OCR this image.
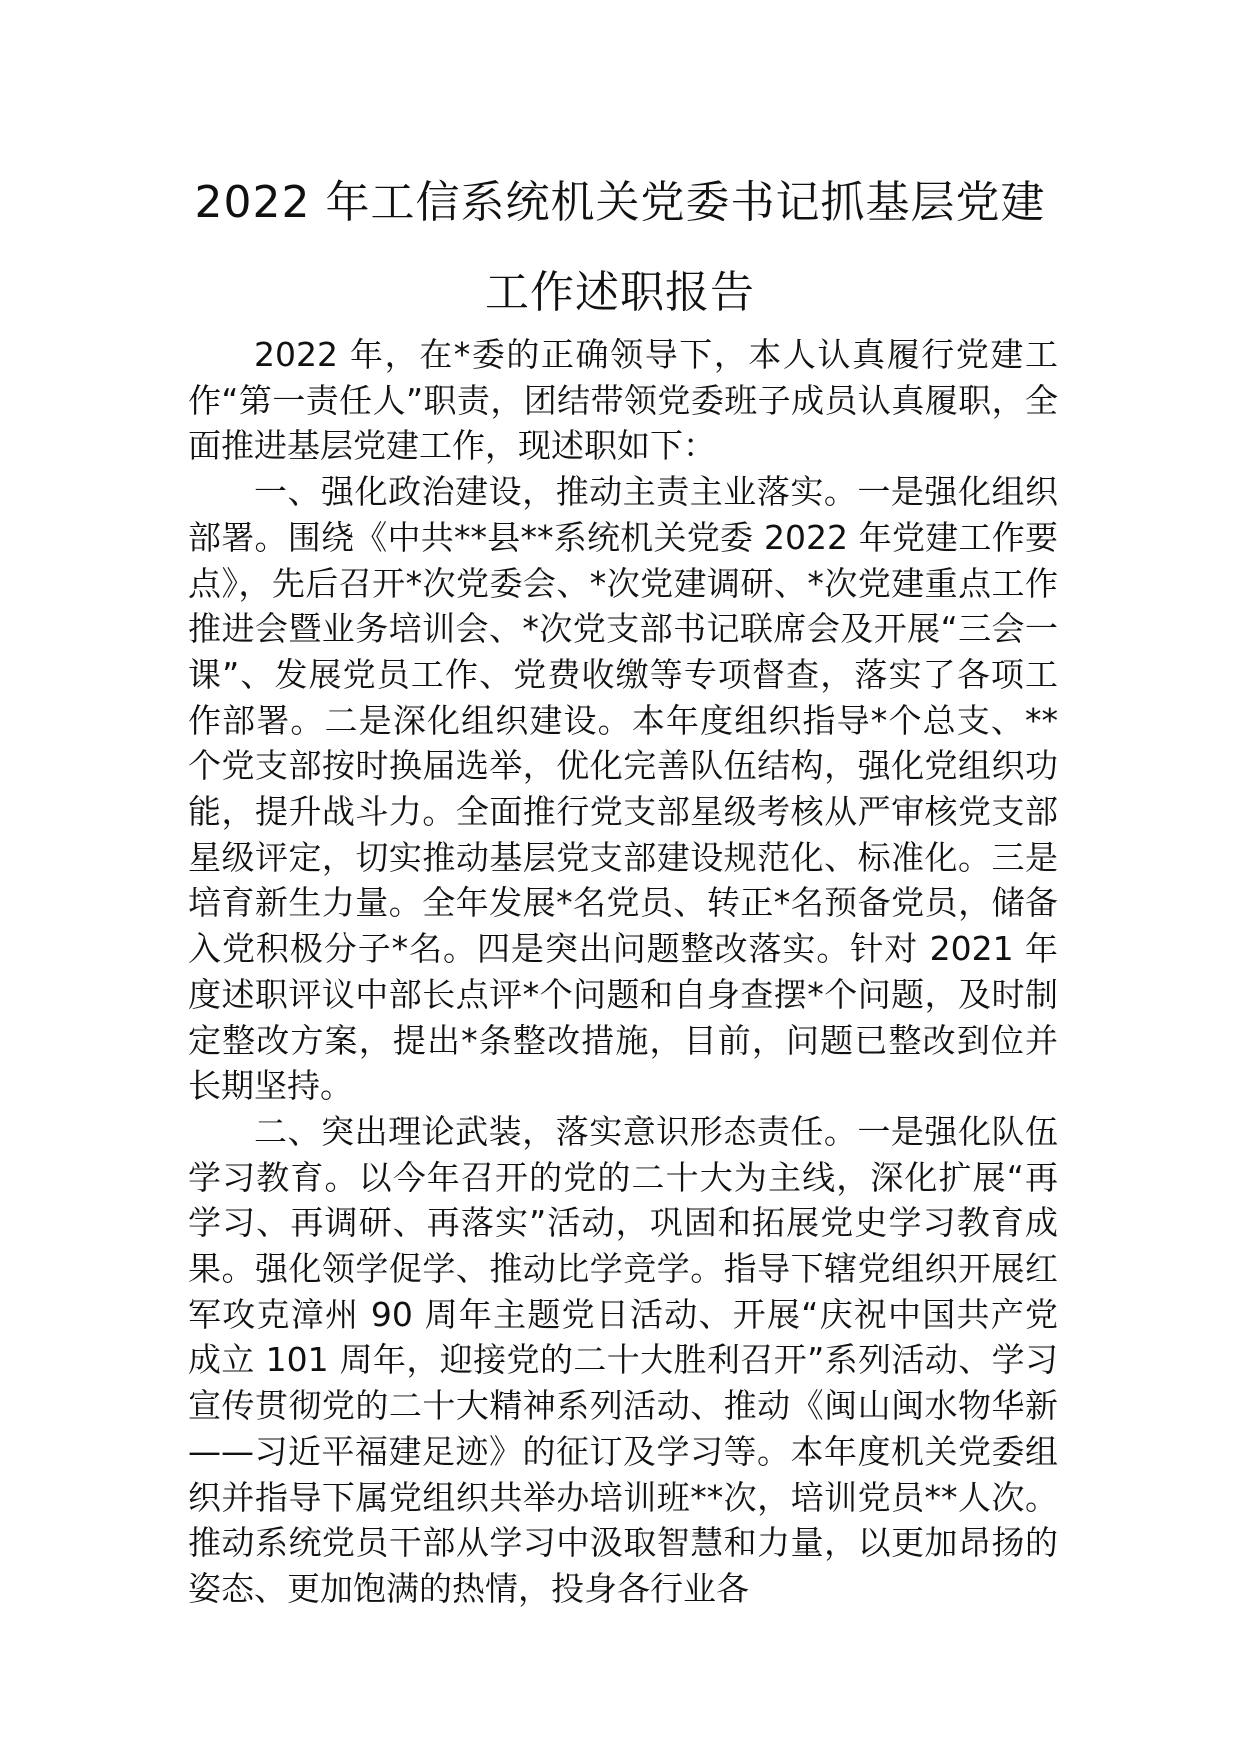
2022 年工信系统机关党委书记抓基层党建
工作述职报告

2022 年，在*委的正确领导下，本人认真履行党建工作“第一责任人”职责，团结带领党委班子成员认真履职，全面推进基层党建工作，现述职如下：

一、强化政治建设，推动主责主业落实。一是强化组织部署。围绕《中共**县**系统机关党委 2022 年党建工作要点》，先后召开*次党委会、*次党建调研、*次党建重点工作推进会暨业务培训会、*次党支部书记联席会及开展“三会一课”、发展党员工作、党费收缴等专项督查，落实了各项工作部署。二是深化组织建设。本年度组织指导*个总支、**个党支部按时换届选举，优化完善队伍结构，强化党组织功能，提升战斗力。全面推行党支部星级考核从严审核党支部星级评定，切实推动基层党支部建设规范化、标准化。三是培育新生力量。全年发展*名党员、转正*名预备党员，储备入党积极分子*名。四是突出问题整改落实。针对 2021 年度述职评议中部长点评*个问题和自身查摆*个问题，及时制定整改方案，提出*条整改措施，目前，问题已整改到位并长期坚持。

二、突出理论武装，落实意识形态责任。一是强化队伍学习教育。以今年召开的党的二十大为主线，深化扩展“再学习、再调研、再落实”活动，巩固和拓展党史学习教育成果。强化领学促学、推动比学竞学。指导下辖党组织开展红军攻克漳州 90 周年主题党日活动、开展“庆祝中国共产党成立 101 周年，迎接党的二十大胜利召开”系列活动、学习宣传贯彻党的二十大精神系列活动、推动《闽山闽水物华新——习近平福建足迹》的征订及学习等。本年度机关党委组织并指导下属党组织共举办培训班**次，培训党员**人次。推动系统党员干部从学习中汲取智慧和力量，以更加昂扬的姿态、更加饱满的热情，投身各行业各
